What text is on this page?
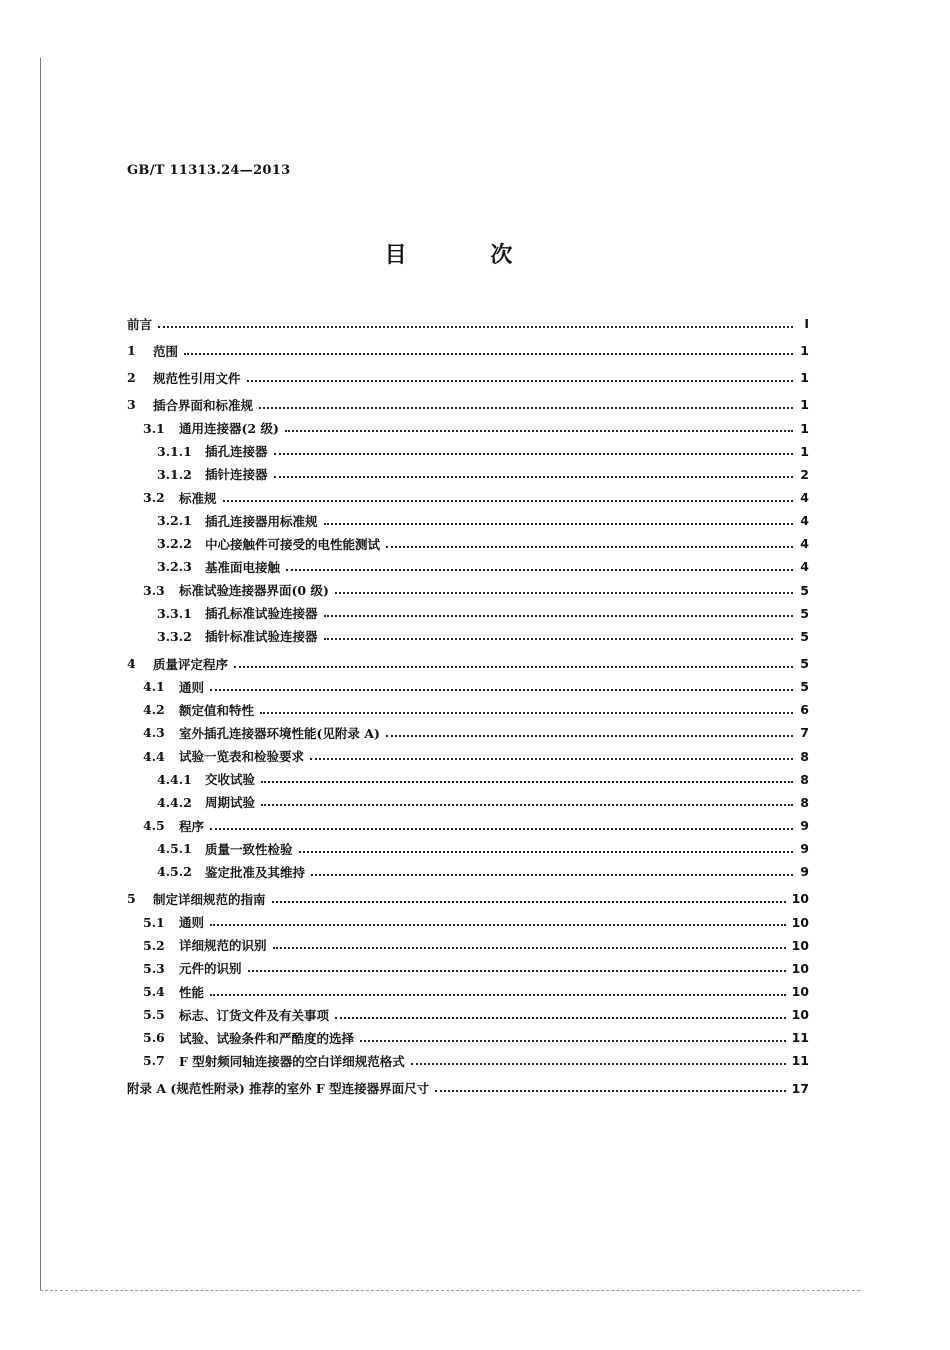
GB/T 11313.24—2013
目 次
前言	I
1	范围	1
2	规范性引用文件	1
3	插合界面和标准规	1
3.1	通用连接器(2 级)	1
3.1.1 插孔连接器	1
3.1.2 插针连接器	2
3.2	标准规	4
3.2.1 插孔连接器用标准规	4
3.2.2 中心接触件可接受的电性能测试	4
3.2.3 基准面电接触	4
3.3	标准试验连接器界面(0 级)	5
3.3.1 插孔标准试验连接器	5
3.3.2 插针标准试验连接器	5
4	质量评定程序	5
4.1	通则	5
4.2	额定值和特性	6
4.3	室外插孔连接器环境性能(见附录 A)	7
4.4	试验一览表和检验要求	8
4.4.1 交收试验	8
4.4.2 周期试验	8
4.5	程序	9
4.5.1 质量一致性检验	9
4.5.2 鉴定批准及其维持	9
5	制定详细规范的指南	10
5.1	通则	10
5.2	详细规范的识别	10
5.3	元件的识别	10
5.4	性能	10
5.5	标志、订货文件及有关事项	10
5.6	试验、试验条件和严酷度的选择	11
5.7	F 型射频同轴连接器的空白详细规范格式	11
附录 A (规范性附录) 推荐的室外 F 型连接器界面尺寸	17
